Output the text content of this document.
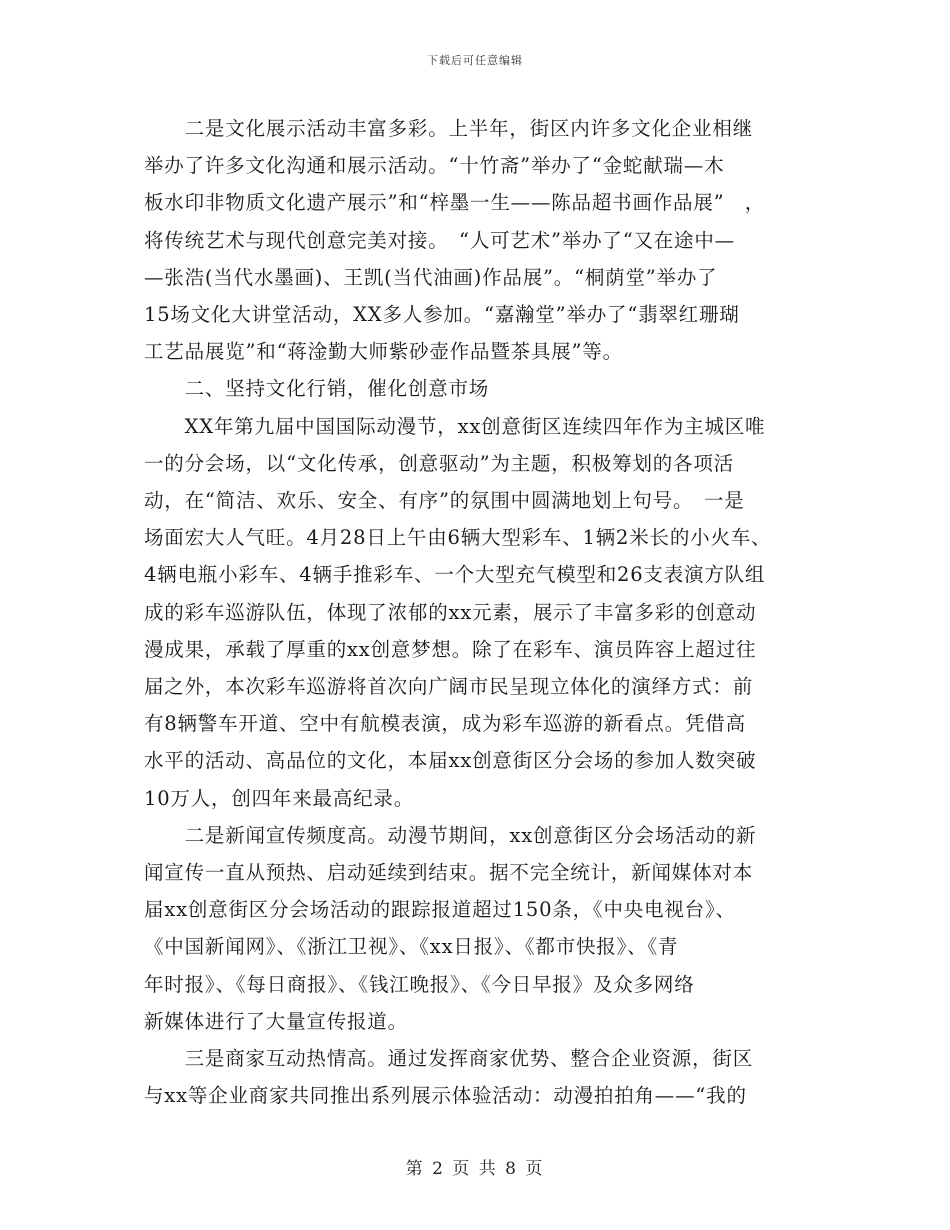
下载后可任意编辑

　　二是文化展示活动丰富多彩。上半年，街区内许多文化企业相继
举办了许多文化沟通和展示活动。“十竹斋”举办了“金蛇献瑞—木
板水印非物质文化遗产展示”和“梓墨一生——陈品超书画作品展”　，
将传统艺术与现代创意完美对接。　“人可艺术”举办了“又在途中—
—张浩(当代水墨画)、王凯(当代油画)作品展”。“桐荫堂”举办了
15场文化大讲堂活动，XX多人参加。“嘉瀚堂”举办了“翡翠红珊瑚
工艺品展览”和“蒋淦勤大师紫砂壶作品暨茶具展”等。

　　二、坚持文化行销，催化创意市场

　　XX年第九届中国国际动漫节，xx创意街区连续四年作为主城区唯
一的分会场，以“文化传承，创意驱动”为主题，积极筹划的各项活
动，在“简洁、欢乐、安全、有序”的氛围中圆满地划上句号。　一是
场面宏大人气旺。4月28日上午由6辆大型彩车、1辆2米长的小火车、
4辆电瓶小彩车、4辆手推彩车、一个大型充气模型和26支表演方队组
成的彩车巡游队伍，体现了浓郁的xx元素，展示了丰富多彩的创意动
漫成果，承载了厚重的xx创意梦想。除了在彩车、演员阵容上超过往
届之外，本次彩车巡游将首次向广阔市民呈现立体化的演绎方式：前
有8辆警车开道、空中有航模表演，成为彩车巡游的新看点。凭借高
水平的活动、高品位的文化，本届xx创意街区分会场的参加人数突破
10万人，创四年来最高纪录。

　　二是新闻宣传频度高。动漫节期间，xx创意街区分会场活动的新
闻宣传一直从预热、启动延续到结束。据不完全统计，新闻媒体对本
届xx创意街区分会场活动的跟踪报道超过150条，《中央电视台》、
《中国新闻网》、《浙江卫视》、《xx日报》、《都市快报》、《青
年时报》、《每日商报》、《钱江晚报》、《今日早报》及众多网络
新媒体进行了大量宣传报道。

　　三是商家互动热情高。通过发挥商家优势、整合企业资源，街区
与xx等企业商家共同推出系列展示体验活动：动漫拍拍角——“我的

第 2 页 共 8 页
